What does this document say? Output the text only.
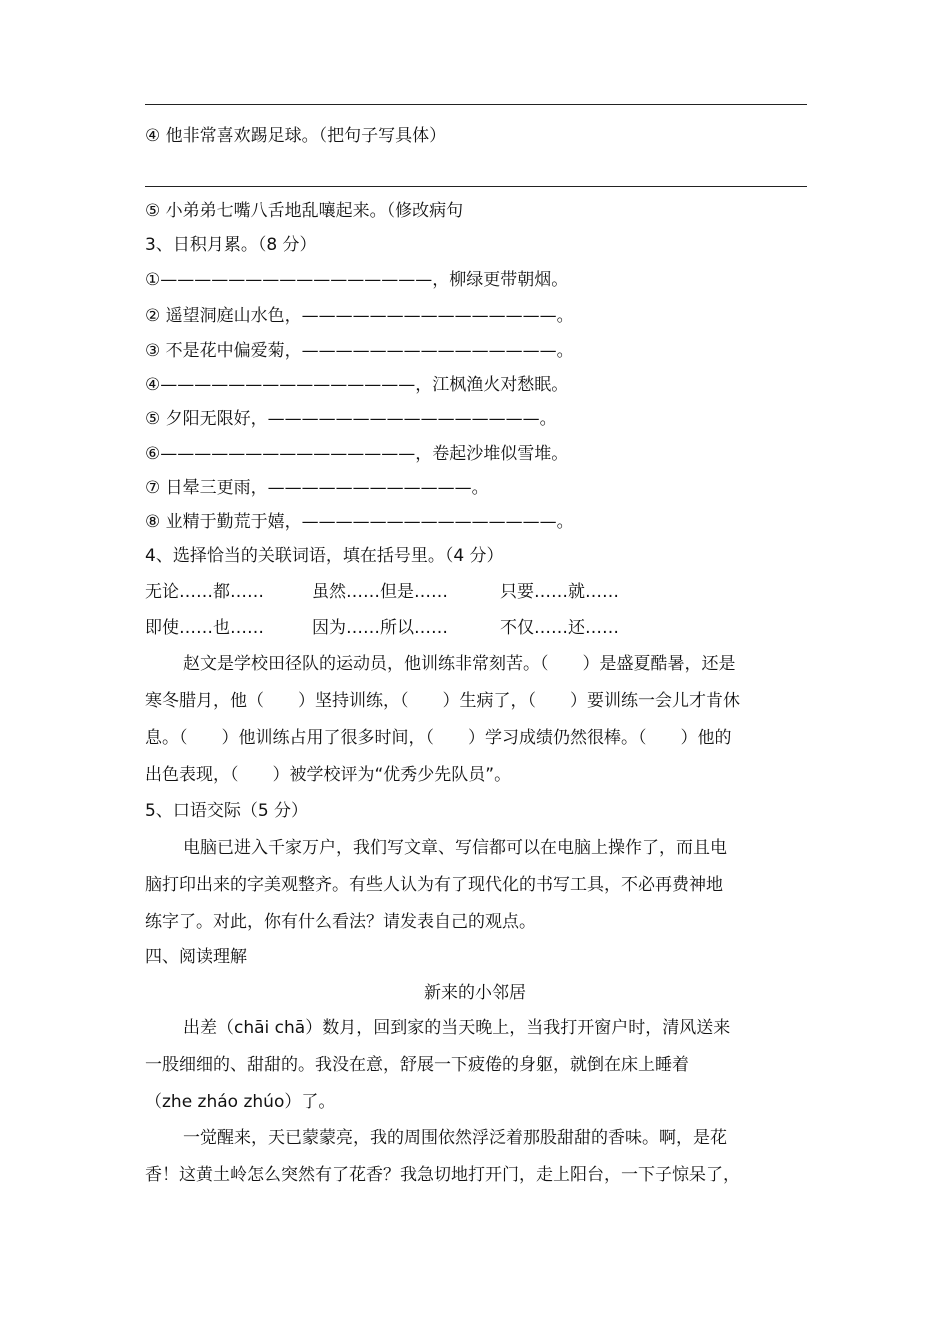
④ 他非常喜欢踢足球。（把句子写具体）
⑤ 小弟弟七嘴八舌地乱嚷起来。（修改病句
3、日积月累。（8 分）
①————————————————，柳绿更带朝烟。
② 遥望洞庭山水色，———————————————。
③ 不是花中偏爱菊，———————————————。
④———————————————，江枫渔火对愁眠。
⑤ 夕阳无限好，————————————————。
⑥———————————————，卷起沙堆似雪堆。
⑦ 日晕三更雨，————————————。
⑧ 业精于勤荒于嬉，———————————————。
4、选择恰当的关联词语，填在括号里。（4 分）
无论……都……	虽然……但是……	只要……就……
即使……也……	因为……所以……	不仅……还……
赵文是学校田径队的运动员，他训练非常刻苦。（　　）是盛夏酷暑，还是
寒冬腊月，他（　　）坚持训练，（　　）生病了，（　　）要训练一会儿才肯休
息。（　　）他训练占用了很多时间，（　　）学习成绩仍然很棒。（　　）他的
出色表现，（　　）被学校评为“优秀少先队员”。
5、口语交际（5 分）
电脑已进入千家万户，我们写文章、写信都可以在电脑上操作了，而且电
脑打印出来的字美观整齐。有些人认为有了现代化的书写工具，不必再费神地
练字了。对此，你有什么看法？请发表自己的观点。
四、阅读理解
新来的小邻居
出差（chāi chā）数月，回到家的当天晚上，当我打开窗户时，清风送来
一股细细的、甜甜的。我没在意，舒展一下疲倦的身躯，就倒在床上睡着
（zhe zháo zhúo）了。
一觉醒来，天已蒙蒙亮，我的周围依然浮泛着那股甜甜的香味。啊，是花
香！这黄土岭怎么突然有了花香？我急切地打开门，走上阳台，一下子惊呆了，
